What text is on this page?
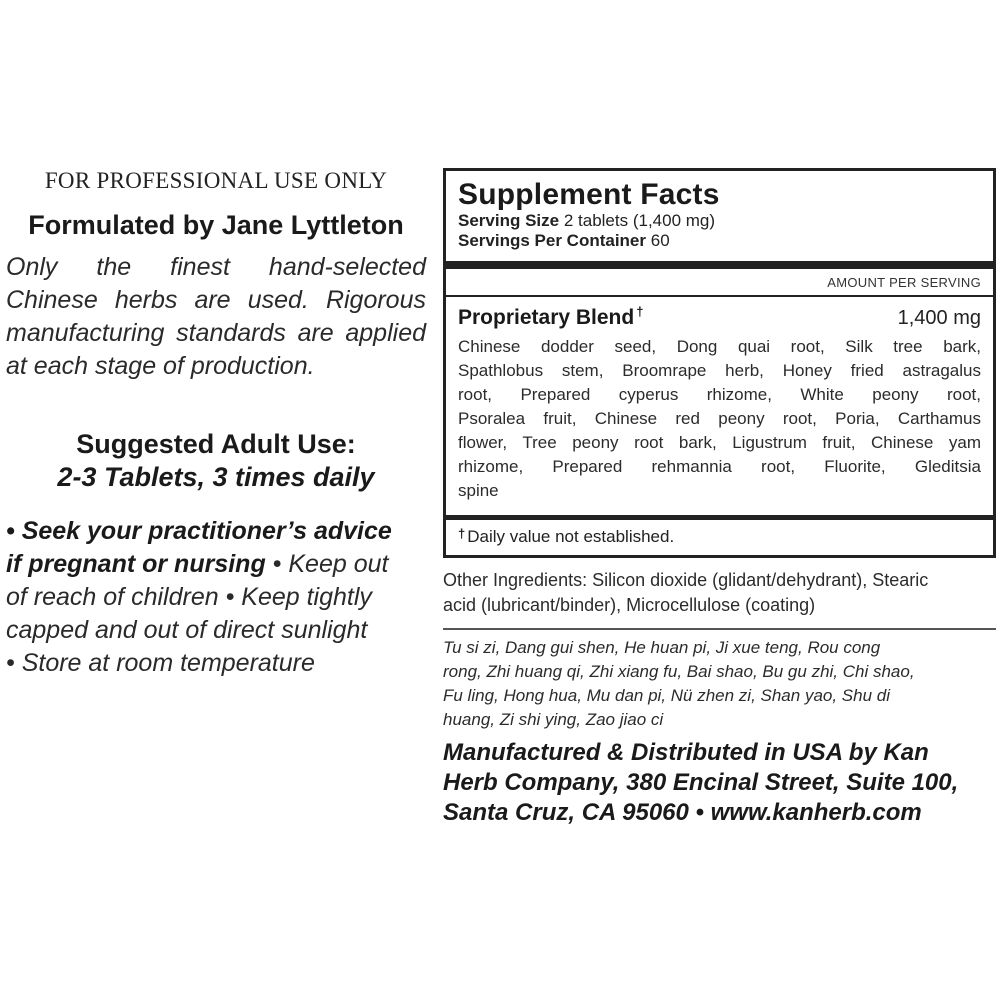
FOR PROFESSIONAL USE ONLY
Formulated by Jane Lyttleton

Only the finest hand-selected
Chinese herbs are used. Rigorous
manufacturing standards are applied
at each stage of production.

Suggested Adult Use:
2-3 Tablets, 3 times daily

• Seek your practitioner’s advice
if pregnant or nursing • Keep out
of reach of children • Keep tightly
capped and out of direct sunlight
• Store at room temperature

Supplement Facts
Serving Size 2 tablets (1,400 mg)
Servings Per Container 60
AMOUNT PER SERVING
Proprietary Blend †	1,400 mg
Chinese dodder seed, Dong quai root, Silk tree bark,
Spathlobus stem, Broomrape herb, Honey fried astragalus
root, Prepared cyperus rhizome, White peony root,
Psoralea fruit, Chinese red peony root, Poria, Carthamus
flower, Tree peony root bark, Ligustrum fruit, Chinese yam
rhizome, Prepared rehmannia root, Fluorite, Gleditsia
spine
† Daily value not established.
Other Ingredients: Silicon dioxide (glidant/dehydrant), Stearic
acid (lubricant/binder), Microcellulose (coating)
Tu si zi, Dang gui shen, He huan pi, Ji xue teng, Rou cong
rong, Zhi huang qi, Zhi xiang fu, Bai shao, Bu gu zhi, Chi shao,
Fu ling, Hong hua, Mu dan pi, Nü zhen zi, Shan yao, Shu di
huang, Zi shi ying, Zao jiao ci
Manufactured & Distributed in USA by Kan
Herb Company, 380 Encinal Street, Suite 100,
Santa Cruz, CA 95060 • www.kanherb.com
